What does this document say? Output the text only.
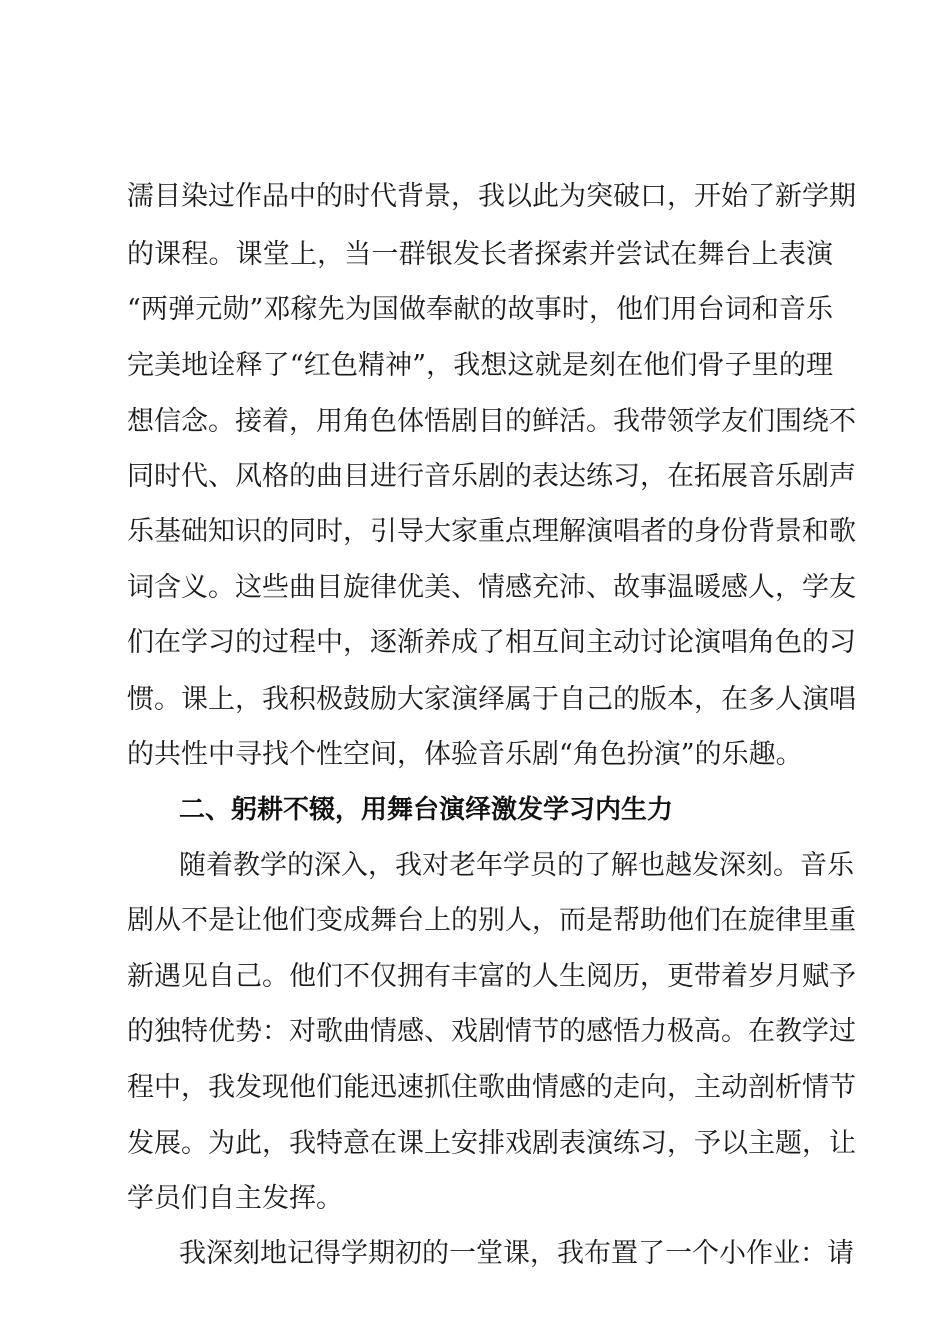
濡目染过作品中的时代背景，我以此为突破口，开始了新学期
的课程。课堂上，当一群银发长者探索并尝试在舞台上表演
“两弹元勋”邓稼先为国做奉献的故事时，他们用台词和音乐
完美地诠释了“红色精神”，我想这就是刻在他们骨子里的理
想信念。接着，用角色体悟剧目的鲜活。我带领学友们围绕不
同时代、风格的曲目进行音乐剧的表达练习，在拓展音乐剧声
乐基础知识的同时，引导大家重点理解演唱者的身份背景和歌
词含义。这些曲目旋律优美、情感充沛、故事温暖感人，学友
们在学习的过程中，逐渐养成了相互间主动讨论演唱角色的习
惯。课上，我积极鼓励大家演绎属于自己的版本，在多人演唱
的共性中寻找个性空间，体验音乐剧“角色扮演”的乐趣。
二、躬耕不辍，用舞台演绎激发学习内生力
随着教学的深入，我对老年学员的了解也越发深刻。音乐
剧从不是让他们变成舞台上的别人，而是帮助他们在旋律里重
新遇见自己。他们不仅拥有丰富的人生阅历，更带着岁月赋予
的独特优势：对歌曲情感、戏剧情节的感悟力极高。在教学过
程中，我发现他们能迅速抓住歌曲情感的走向，主动剖析情节
发展。为此，我特意在课上安排戏剧表演练习，予以主题，让
学员们自主发挥。
我深刻地记得学期初的一堂课，我布置了一个小作业：请
